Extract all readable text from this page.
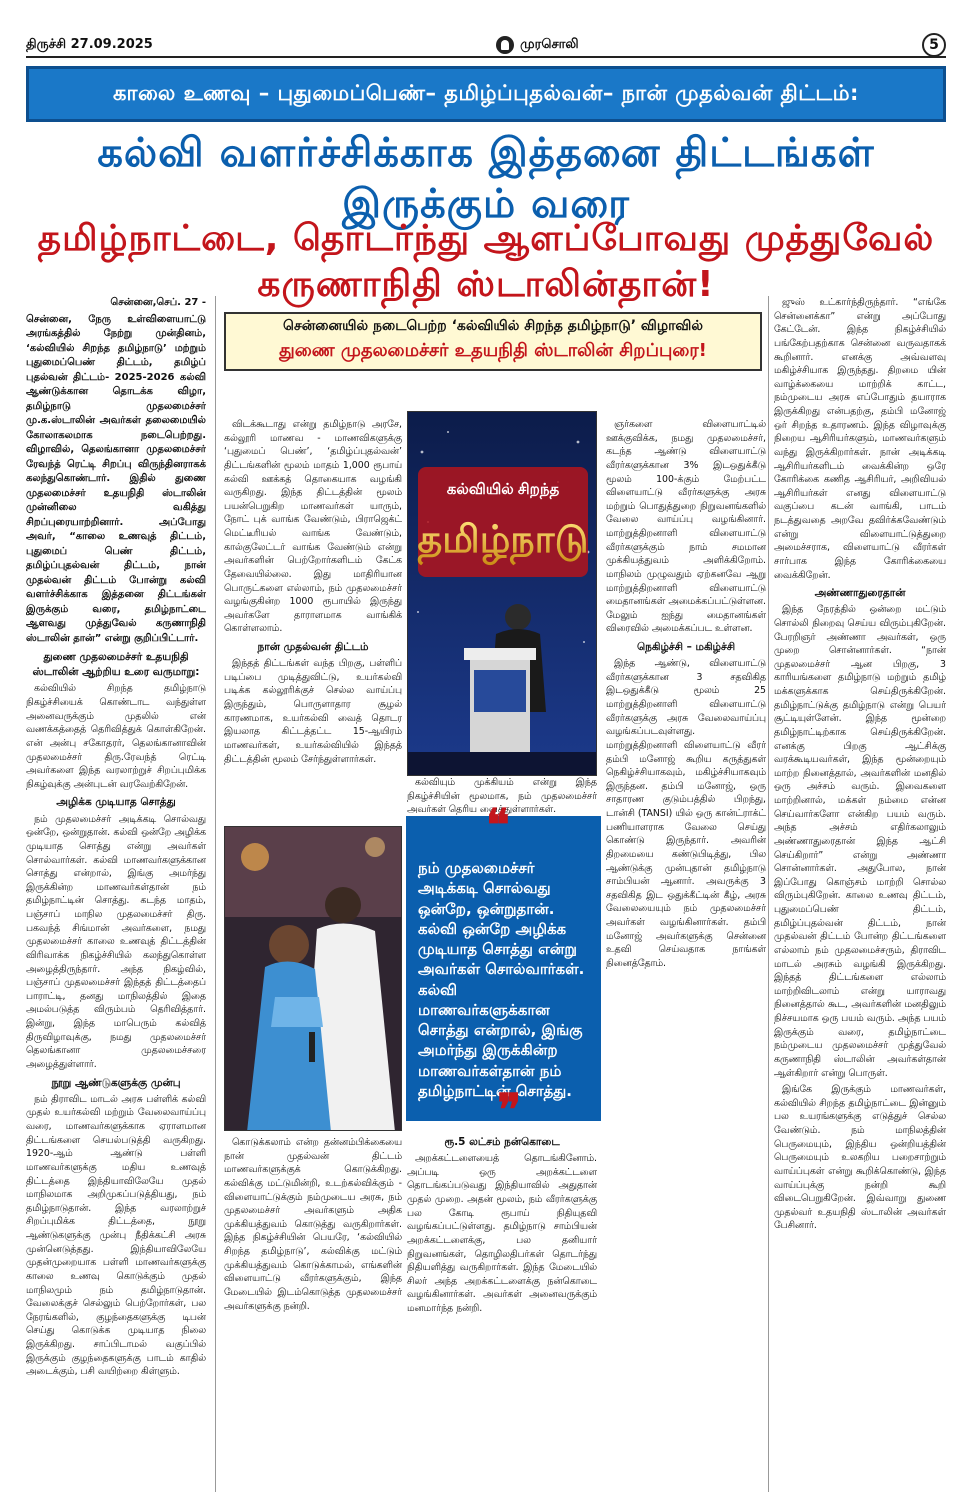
திருச்சி 27.09.2025	முரசொலி	5
காலை உணவு – புதுமைப்பெண்– தமிழ்ப்புதல்வன்– நான் முதல்வன் திட்டம்:
கல்வி வளர்ச்சிக்காக இத்தனை திட்டங்கள் இருக்கும் வரை
தமிழ்நாட்டை, தொடர்ந்து ஆளப்போவது முத்துவேல் கருணாநிதி ஸ்டாலின்தான்!
சென்னை,செப். 27 -
சென்னை, நேரு உள்விளையாட்டு அரங்கத்தில் நேற்று முன்தினம், ‘கல்வியில் சிறந்த தமிழ்நாடு’ மற்றும் புதுமைப்பெண் திட்டம், தமிழ்ப் புதல்வன் திட்டம்- 2025-2026 கல்வி ஆண்டுக்கான தொடக்க விழா, தமிழ்நாடு முதலமைச்சர் மு.க.ஸ்டாலின் அவர்கள் தலைமையில் கோலாகலமாக நடைபெற்றது. விழாவில், தெலங்கானா முதலமைச்சர் ரேவந்த் ரெட்டி சிறப்பு விருந்தினராகக் கலந்துகொண்டார். இதில் துணை முதலமைச்சர் உதயநிதி ஸ்டாலின் முன்னிலை வகித்து சிறப்புரையாற்றினார். அப்போது அவர், “காலை உணவுத் திட்டம், புதுமைப் பெண் திட்டம், தமிழ்ப்புதல்வன் திட்டம், நான் முதல்வன் திட்டம் போன்று கல்வி வளர்ச்சிக்காக இத்தனை திட்டங்கள் இருக்கும் வரை, தமிழ்நாட்டை ஆளவது முத்துவேல் கருணாநிதி ஸ்டாலின் தான்” என்று குறிப்பிட்டார்.
துணை முதலமைச்சர் உதயநிதி ஸ்டாலின் ஆற்றிய உரை வருமாறு:
கல்வியில் சிறந்த தமிழ்நாடு நிகழ்ச்சியைக் கொண்டாட வந்துள்ள அனைவருக்கும் முதலில் என் வணக்கத்தைத் தெரிவித்துக் கொள்கிறேன். என் அன்பு சகோதரர், தெலங்கானாவின் முதலமைச்சர் திரு.ரேவந்த் ரெட்டி அவர்களை இந்த வரலாற்றுச் சிறப்புமிக்க நிகழ்வுக்கு அன்புடன் வரவேற்கிறேன்.
அழிக்க முடியாத சொத்து
நம் முதலமைச்சர் அடிக்கடி சொல்வது ஒன்றே, ஒன்றுதான். கல்வி ஒன்றே அழிக்க முடியாத சொத்து என்று அவர்கள் சொல்வார்கள். கல்வி மாணவர்களுக்கான சொத்து என்றால், இங்கு அமர்ந்து இருக்கின்ற மாணவர்கள்தான் நம் தமிழ்நாட்டின் சொத்து. கடந்த மாதம், பஞ்சாப் மாநில முதலமைச்சர் திரு. பகவந்த் சிங்மான் அவர்களை, நமது முதலமைச்சர் காலை உணவுத் திட்டத்தின் விரிவாக்க நிகழ்ச்சியில் கலந்துகொள்ள அழைத்திருந்தார். அந்த நிகழ்வில், பஞ்சாப் முதலமைச்சர் இந்தத் திட்டத்தைப் பாராட்டி, தனது மாநிலத்தில் இதை அமல்படுத்த விரும்பம் தெரிவித்தார். இன்று, இந்த மாபெரும் கல்வித் திருவிழாவுக்கு, நமது முதலமைச்சர் தெலங்கானா முதலமைச்சரை அழைத்துள்ளார்.
நூறு ஆண்டுகளுக்கு முன்பு
நம் திராவிட மாடல் அரசு பள்ளிக் கல்வி முதல் உயர்கல்வி மற்றும் வேலைவாய்ப்பு வரை, மாணவர்களுக்காக ஏராளமான திட்டங்களை செயல்படுத்தி வருகிறது. 1920-ஆம் ஆண்டு பள்ளி மாணவர்களுக்கு மதிய உணவுத் திட்டத்தை இந்தியாவிலேயே முதல் மாநிலமாக அறிமுகப்படுத்தியது, நம் தமிழ்நாடுதான். இந்த வரலாற்றுச் சிறப்புமிக்க திட்டத்தை, நூறு ஆண்டுகளுக்கு முன்பு நீதிக்கட்சி அரசு முன்னெடுத்தது. இந்தியாவிலேயே முதன்முறையாக பள்ளி மாணவர்களுக்கு காலை உணவு கொடுக்கும் முதல் மாநிலமும் நம் தமிழ்நாடுதான். வேலைக்குச் செல்லும் பெற்றோர்கள், பல நேரங்களில், குழந்தைகளுக்கு டிபன் செய்து கொடுக்க முடியாத நிலை இருக்கிறது. சாப்பிடாமல் வகுப்பில் இருக்கும் குழந்தைகளுக்கு பாடம் காதில் அடைக்கும், பசி வயிற்றை கிள்ளும்.
சென்னையில் நடைபெற்ற ‘கல்வியில் சிறந்த தமிழ்நாடு’ விழாவில்
துணை முதலமைச்சர் உதயநிதி ஸ்டாலின் சிறப்புரை!
விடக்கூடாது என்று தமிழ்நாடு அரசே, கல்லூரி மாணவ - மாணவிகளுக்கு ‘புதுமைப் பெண்’, ‘தமிழ்ப்புதல்வன்’ திட்டங்களின் மூலம் மாதம் 1,000 ரூபாய் கல்வி ஊக்கத் தொகையாக வழங்கி வருகிறது. இந்த திட்டத்தின் மூலம் பயன்பெறுகிற மாணவர்கள் யாரும், நோட் புக் வாங்க வேண்டும், பிராஜெக்ட் மெட்டீரியல் வாங்க வேண்டும், கால்குலேட்டர் வாங்க வேண்டும் என்று அவர்களின் பெற்றோர்களிடம் கேட்க தேவையில்லை. இது மாதிரியான பொருட்களை எல்லாம், நம் முதலமைச்சர் வழங்குகின்ற 1000 ரூபாயில் இருந்து அவர்களே தாராளமாக வாங்கிக் கொள்ளலாம்.
நான் முதல்வன் திட்டம்
இந்தத் திட்டங்கள் வந்த பிறகு, பள்ளிப் படிப்பை முடித்துவிட்டு, உயர்கல்வி படிக்க கல்லூரிக்குச் செல்ல வாய்ப்பு இருந்தும், பொருளாதார சூழல் காரணமாக, உயர்கல்வி வைத் தொடர இயலாத கிட்டத்தட்ட 15-ஆயிரம் மாணவர்கள், உயர்கல்வியில் இந்தத் திட்டத்தின் மூலம் சேர்ந்துள்ளார்கள்.
கல்வியில் சிறந்த
தமிழ்நாடு
கல்வியும் முக்கியம் என்று இந்த நிகழ்ச்சியின் மூலமாக, நம் முதலமைச்சர் அவர்கள் தெரிய வைத்துள்ளார்கள்.
ஞர்களை விளையாட்டில் ஊக்குவிக்க, நமது முதலமைச்சர், கடந்த ஆண்டு விளையாட்டு வீரர்களுக்கான 3% இடஒதுக்கீடு மூலம் 100-க்கும் மேற்பட்ட விளையாட்டு வீரர்களுக்கு அரசு மற்றும் பொதுத்துறை நிறுவனங்களில் வேலை வாய்ப்பு வழங்கினார். மாற்றுத்திறனாளி விளையாட்டு வீரர்களுக்கும் நாம் சமமான முக்கியத்துவம் அளிக்கிறோம். மாநிலம் முழுவதும் ஏற்கனவே ஆறு மாற்றுத்திறனாளி விளையாட்டு மைதானங்கள் அமைக்கப்பட்டுள்ளன. மேலும் ஐந்து மைதானங்கள் விரைவில் அமைக்கப்பட உள்ளன.
நெகிழ்ச்சி – மகிழ்ச்சி
இந்த ஆண்டு, விளையாட்டு வீரர்களுக்கான 3 சதவிகித இடஒதுக்கீடு மூலம் 25 மாற்றுத்திறனாளி விளையாட்டு வீரர்களுக்கு அரசு வேலைவாய்ப்பு வழங்கப்படவுள்ளது. மாற்றுத்திறனாளி விளையாட்டு வீரர் தம்பி மனோஜ் கூறிய கருத்துகள் நெகிழ்ச்சியாகவும், மகிழ்ச்சியாகவும் இருந்தன. தம்பி மனோஜ், ஒரு சாதாரண குடும்பத்தில் பிறந்து, டான்சி (TANSI) யில் ஒரு கான்ட்ராக்ட் பணியாளராக வேலை செய்து கொண்டு இருந்தார். அவரின் திறமையை கண்டுபிடித்து, பில ஆண்டுக்கு முன்புதான் தமிழ்நாடு சாம்பியன் ஆனார். அவருக்கு 3 சதவிகித இட ஒதுக்கீட்டின் கீழ், அரசு வேலையையும் நம் முதலமைச்சர் அவர்கள் வழங்கினார்கள். தம்பி மனோஜ் அவர்களுக்கு சென்னை உதவி செய்வதாக நாங்கள் நினைத்தோம்.
❝
நம் முதலமைச்சர் அடிக்கடி சொல்வது ஒன்றே, ஒன்றுதான். கல்வி ஒன்றே அழிக்க முடியாத சொத்து என்று அவர்கள் சொல்வார்கள். கல்வி மாணவர்களுக்கான சொத்து என்றால், இங்கு அமர்ந்து இருக்கின்ற மாணவர்கள்தான் நம் தமிழ்நாட்டின் சொத்து.
❞
கொடுக்கலாம் என்ற தன்னம்பிக்கையை நான் முதல்வன் திட்டம் மாணவர்களுக்குக் கொடுக்கிறது. கல்விக்கு மட்டுமின்றி, உடற்கல்விக்கும் - விளையாட்டுக்கும் நம்முடைய அரசு, நம் முதலமைச்சர் அவர்களும் அதிக முக்கியத்துவம் கொடுத்து வருகிறார்கள். இந்த நிகழ்ச்சியின் பெயரே, ‘கல்வியில் சிறந்த தமிழ்நாடு’, கல்விக்கு மட்டும் முக்கியத்துவம் கொடுக்காமல், எங்களின் விளையாட்டு வீரர்களுக்கும், இந்த மேடையில் இடம்கொடுத்த முதலமைச்சர் அவர்களுக்கு நன்றி.
ரூ.5 லட்சம் நன்கொடை
அறக்கட்டளையைத் தொடங்கினோம். அப்படி ஒரு அறக்கட்டளை தொடங்கப்படுவது இந்தியாவில் அதுதான் முதல் முறை. அதன் மூலம், நம் வீரர்களுக்கு பல கோடி ரூபாய் நிதியுதவி வழங்கப்பட்டுள்ளது. தமிழ்நாடு சாம்பியன் அறக்கட்டளைக்கு, பல தனியார் நிறுவனங்கள், தொழிலதிபர்கள் தொடர்ந்து நிதியளித்து வருகிறார்கள். இந்த மேடையில் சிலர் அந்த அறக்கட்டளைக்கு நன்கொடை வழங்கினார்கள். அவர்கள் அனைவருக்கும் மனமார்ந்த நன்றி.
ஜுஸ் உட்கார்ந்திருந்தார். “எங்கே சென்னைக்கா” என்று அப்போது கேட்டேன். இந்த நிகழ்ச்சியில் பங்கேற்பதற்காக சென்னை வருவதாகக் கூறினார். எனக்கு அவ்வளவு மகிழ்ச்சியாக இருந்தது. திறமை யின் வாழ்க்கையை மாற்றிக் காட்ட, நம்முடைய அரசு எப்போதும் தயாராக இருக்கிறது என்பதற்கு, தம்பி மனோஜ் ஒர் சிறந்த உதாரணம். இந்த விழாவுக்கு நிறைய ஆசிரியர்களும், மாணவர்களும் வந்து இருக்கிறார்கள். நான் அடிக்கடி ஆசிரியர்களிடம் வைக்கின்ற ஒரே கோரிக்கை கணித ஆசிரியர், அறிவியல் ஆசிரியர்கள் எனது விளையாட்டு வகுப்பை கடன் வாங்கி, பாடம் நடத்துவதை அறவே தவிர்க்கவேண்டும் என்று விளையாட்டுத்துறை அமைச்சராக, விளையாட்டு வீரர்கள் சார்பாக இந்த கோரிக்கையை வைக்கிறேன்.
அண்ணாதுரைதான்
இந்த நேரத்தில் ஒன்றை மட்டும் சொல்லி நிறைவு செய்ய விரும்புகிறேன். பேரறிஞர் அண்ணா அவர்கள், ஒரு முறை சொன்னார்கள். “நான் முதலமைச்சர் ஆன பிறகு, 3 காரியங்களை தமிழ்நாடு மற்றும் தமிழ் மக்களுக்காக செய்திருக்கிறேன். தமிழ்நாட்டுக்கு தமிழ்நாடு என்று பெயர் சூட்டியுள்ளேன். இந்த மூன்றை தமிழ்நாட்டிற்காக செய்திருக்கிறேன். எனக்கு பிறகு ஆட்சிக்கு வரக்கூடியவர்கள், இந்த மூன்றையும் மாற்ற நினைத்தால், அவர்களின் மனதில் ஒரு அச்சம் வரும். இவைகளை மாற்றினால், மக்கள் நம்மை என்ன செய்வார்களோ என்கிற பயம் வரும். அந்த அச்சம் எதிர்கலாலும் அண்ணாதுரைதான் இந்த ஆட்சி செய்கிறார்” என்று அண்ணா சொன்னார்கள். அதுபோல, நான் இப்போது கொஞ்சம் மாற்றி சொல்ல விரும்புகிறேன். காலை உணவு திட்டம், புதுமைப்பெண் திட்டம், தமிழ்ப்புதல்வன் திட்டம், நான் முதல்வன் திட்டம் போன்ற திட்டங்களை எல்லாம் நம் முதலமைச்சரும், திராவிட மாடல் அரசும் வழங்கி இருக்கிறது. இந்தத் திட்டங்களை எல்லாம் மாற்றிவிடலாம் என்று யாராவது நினைத்தால் கூட, அவர்களின் மனதிலும் நிச்சயமாக ஒரு பயம் வரும். அந்த பயம் இருக்கும் வரை, தமிழ்நாட்டை நம்முடைய முதலமைச்சர் முத்துவேல் கருணாநிதி ஸ்டாலின் அவர்கள்தான் ஆள்கிறார் என்று பொருள்.
இங்கே இருக்கும் மாணவர்கள், கல்வியில் சிறந்த தமிழ்நாட்டை இன்னும் பல உயரங்களுக்கு எடுத்துச் செல்ல வேண்டும். நம் மாநிலத்தின் பெருமையும், இந்திய ஒன்றியத்தின் பெருமையும் உலகறிய பறைசாற்றும் வாய்ப்புகள் என்று கூறிக்கொண்டு, இந்த வாய்ப்புக்கு நன்றி கூறி விடைபெறுகிறேன். இவ்வாறு துணை முதல்வர் உதயநிதி ஸ்டாலின் அவர்கள் பேசினார்.
